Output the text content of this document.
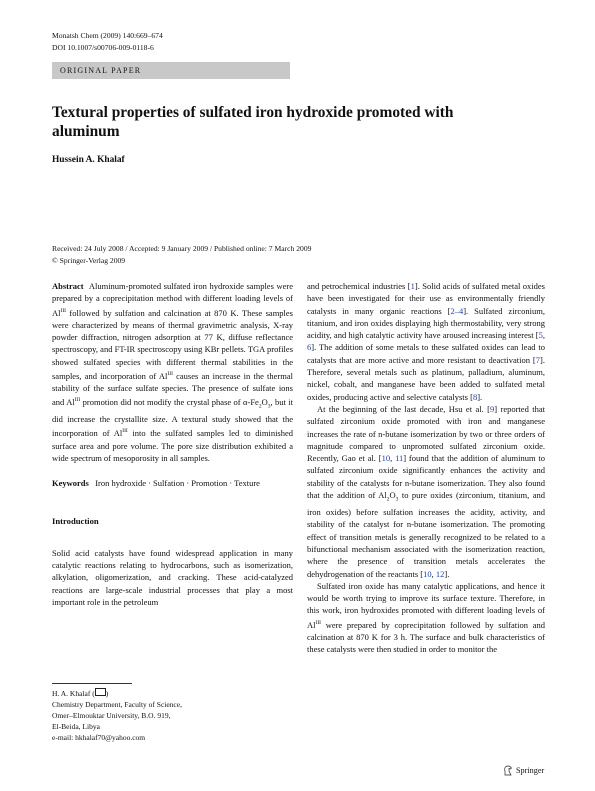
Monatsh Chem (2009) 140:669–674
DOI 10.1007/s00706-009-0118-6
ORIGINAL PAPER
Textural properties of sulfated iron hydroxide promoted with aluminum
Hussein A. Khalaf
Received: 24 July 2008 / Accepted: 9 January 2009 / Published online: 7 March 2009
© Springer-Verlag 2009

Abstract Aluminum-promoted sulfated iron hydroxide samples were prepared by a coprecipitation method with different loading levels of $Al^{III}$ followed by sulfation and calcination at 870 K. These samples were characterized by means of thermal gravimetric analysis, X-ray powder diffraction, nitrogen adsorption at 77 K, diffuse reflectance spectroscopy, and FT-IR spectroscopy using KBr pellets. TGA profiles showed sulfated species with different thermal stabilities in the samples, and incorporation of $Al^{III}$ causes an increase in the thermal stability of the surface sulfate species. The presence of sulfate ions and $Al^{III}$ promotion did not modify the crystal phase of $\alpha-Fe_2O_3$, but it did increase the crystallite size. A textural study showed that the incorporation of $Al^{III}$ into the sulfated samples led to diminished surface area and pore volume. The pore size distribution exhibited a wide spectrum of mesoporosity in all samples.

Keywords Iron hydroxide · Sulfation · Promotion · Texture

Introduction

Solid acid catalysts have found widespread application in many catalytic reactions relating to hydrocarbons, such as isomerization, alkylation, oligomerization, and cracking. These acid-catalyzed reactions are large-scale industrial processes that play a most important role in the petroleum

and petrochemical industries [1]. Solid acids of sulfated metal oxides have been investigated for their use as environmentally friendly catalysts in many organic reactions [2–4]. Sulfated zirconium, titanium, and iron oxides displaying high thermostability, very strong acidity, and high catalytic activity have aroused increasing interest [5, 6]. The addition of some metals to these sulfated oxides can lead to catalysts that are more active and more resistant to deactivation [7]. Therefore, several metals such as platinum, palladium, aluminum, nickel, cobalt, and manganese have been added to sulfated metal oxides, producing active and selective catalysts [8].

At the beginning of the last decade, Hsu et al. [9] reported that sulfated zirconium oxide promoted with iron and manganese increases the rate of n-butane isomerization by two or three orders of magnitude compared to unpromoted sulfated zirconium oxide. Recently, Gao et al. [10, 11] found that the addition of aluminum to sulfated zirconium oxide significantly enhances the activity and stability of the catalysts for n-butane isomerization. They also found that the addition of $Al_2O_3$ to pure oxides (zirconium, titanium, and iron oxides) before sulfation increases the acidity, activity, and stability of the catalyst for n-butane isomerization. The promoting effect of transition metals is generally recognized to be related to a bifunctional mechanism associated with the isomerization reaction, where the presence of transition metals accelerates the dehydrogenation of the reactants [10, 12].

Sulfated iron oxide has many catalytic applications, and hence it would be worth trying to improve its surface texture. Therefore, in this work, iron hydroxides promoted with different loading levels of $Al^{III}$ were prepared by coprecipitation followed by sulfation and calcination at 870 K for 3 h. The surface and bulk characteristics of these catalysts were then studied in order to monitor the

H. A. Khalaf ( )
Chemistry Department, Faculty of Science,
Omer–Elmouktar University, B.O. 919,
El-Beida, Libya
e-mail: hkhalaf70@yahoo.com
Springer
